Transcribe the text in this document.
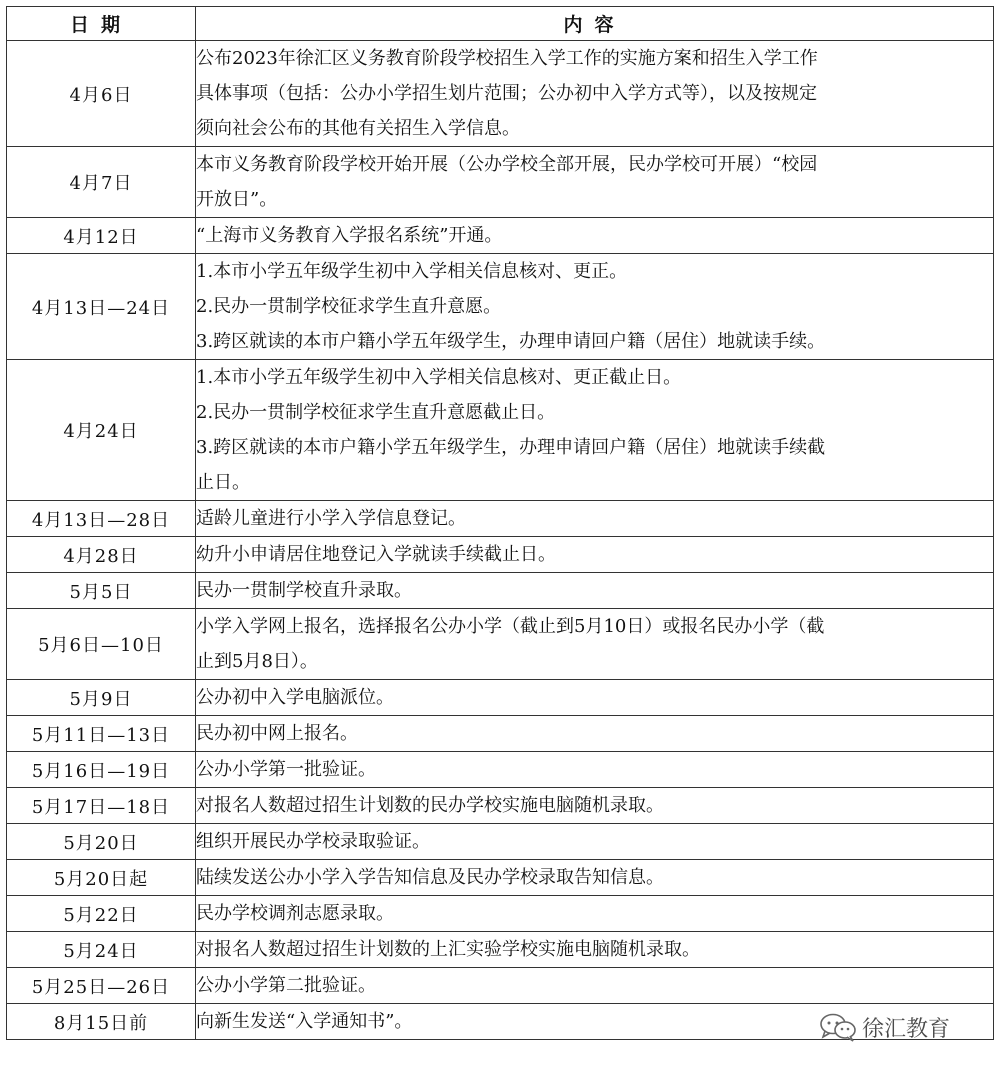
日期	内容
4月6日	公布2023年徐汇区义务教育阶段学校招生入学工作的实施方案和招生入学工作
具体事项（包括：公办小学招生划片范围；公办初中入学方式等），以及按规定
须向社会公布的其他有关招生入学信息。

4月7日	本市义务教育阶段学校开始开展（公办学校全部开展，民办学校可开展）“校园
开放日”。

4月12日	“上海市义务教育入学报名系统”开通。

4月13日—24日	1.本市小学五年级学生初中入学相关信息核对、更正。
2.民办一贯制学校征求学生直升意愿。
3.跨区就读的本市户籍小学五年级学生，办理申请回户籍（居住）地就读手续。

4月24日	1.本市小学五年级学生初中入学相关信息核对、更正截止日。
2.民办一贯制学校征求学生直升意愿截止日。
3.跨区就读的本市户籍小学五年级学生，办理申请回户籍（居住）地就读手续截
止日。

4月13日—28日	适龄儿童进行小学入学信息登记。

4月28日	幼升小申请居住地登记入学就读手续截止日。

5月5日	民办一贯制学校直升录取。

5月6日—10日	小学入学网上报名，选择报名公办小学（截止到5月10日）或报名民办小学（截
止到5月8日）。

5月9日	公办初中入学电脑派位。

5月11日—13日	民办初中网上报名。

5月16日—19日	公办小学第一批验证。

5月17日—18日	对报名人数超过招生计划数的民办学校实施电脑随机录取。

5月20日	组织开展民办学校录取验证。

5月20日起	陆续发送公办小学入学告知信息及民办学校录取告知信息。

5月22日	民办学校调剂志愿录取。

5月24日	对报名人数超过招生计划数的上汇实验学校实施电脑随机录取。

5月25日—26日	公办小学第二批验证。

8月15日前	向新生发送“入学通知书”。	徐汇教育
